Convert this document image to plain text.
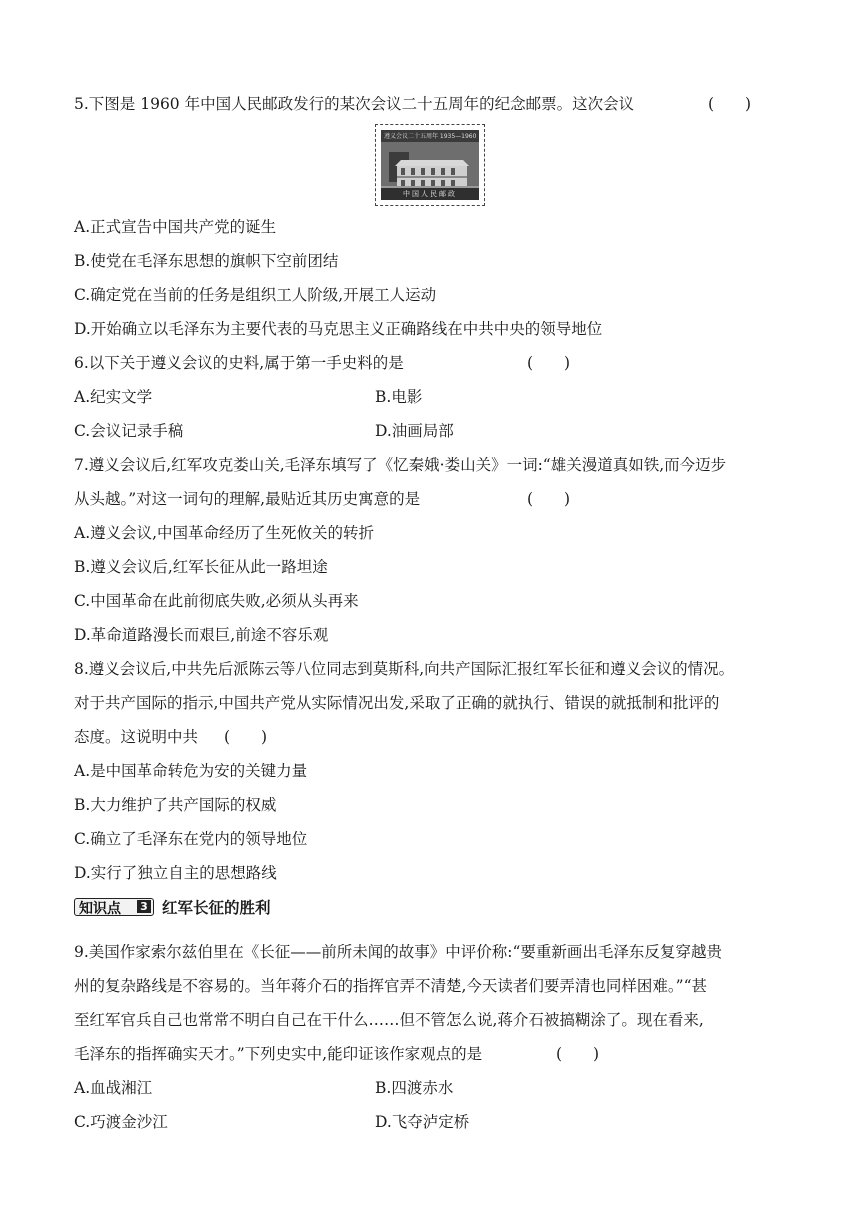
5.下图是 1960 年中国人民邮政发行的某次会议二十五周年的纪念邮票。这次会议	(　　)
遵义会议二十五周年 1935—1960
中国人民邮政
A.正式宣告中国共产党的诞生
B.使党在毛泽东思想的旗帜下空前团结
C.确定党在当前的任务是组织工人阶级,开展工人运动
D.开始确立以毛泽东为主要代表的马克思主义正确路线在中共中央的领导地位
6.以下关于遵义会议的史料,属于第一手史料的是	(　　)
A.纪实文学	B.电影
C.会议记录手稿	D.油画局部
7.遵义会议后,红军攻克娄山关,毛泽东填写了《忆秦娥·娄山关》一词:“雄关漫道真如铁,而今迈步
从头越。”对这一词句的理解,最贴近其历史寓意的是	(　　)
A.遵义会议,中国革命经历了生死攸关的转折
B.遵义会议后,红军长征从此一路坦途
C.中国革命在此前彻底失败,必须从头再来
D.革命道路漫长而艰巨,前途不容乐观
8.遵义会议后,中共先后派陈云等八位同志到莫斯科,向共产国际汇报红军长征和遵义会议的情况。
对于共产国际的指示,中国共产党从实际情况出发,采取了正确的就执行、错误的就抵制和批评的
态度。这说明中共 (　　)
A.是中国革命转危为安的关键力量
B.大力维护了共产国际的权威
C.确立了毛泽东在党内的领导地位
D.实行了独立自主的思想路线
知识点 3 红军长征的胜利
9.美国作家索尔兹伯里在《长征——前所未闻的故事》中评价称:“要重新画出毛泽东反复穿越贵
州的复杂路线是不容易的。当年蒋介石的指挥官弄不清楚,今天读者们要弄清也同样困难。”“甚
至红军官兵自己也常常不明白自己在干什么……但不管怎么说,蒋介石被搞糊涂了。现在看来,
毛泽东的指挥确实天才。”下列史实中,能印证该作家观点的是	(　　)
A.血战湘江	B.四渡赤水
C.巧渡金沙江	D.飞夺泸定桥
